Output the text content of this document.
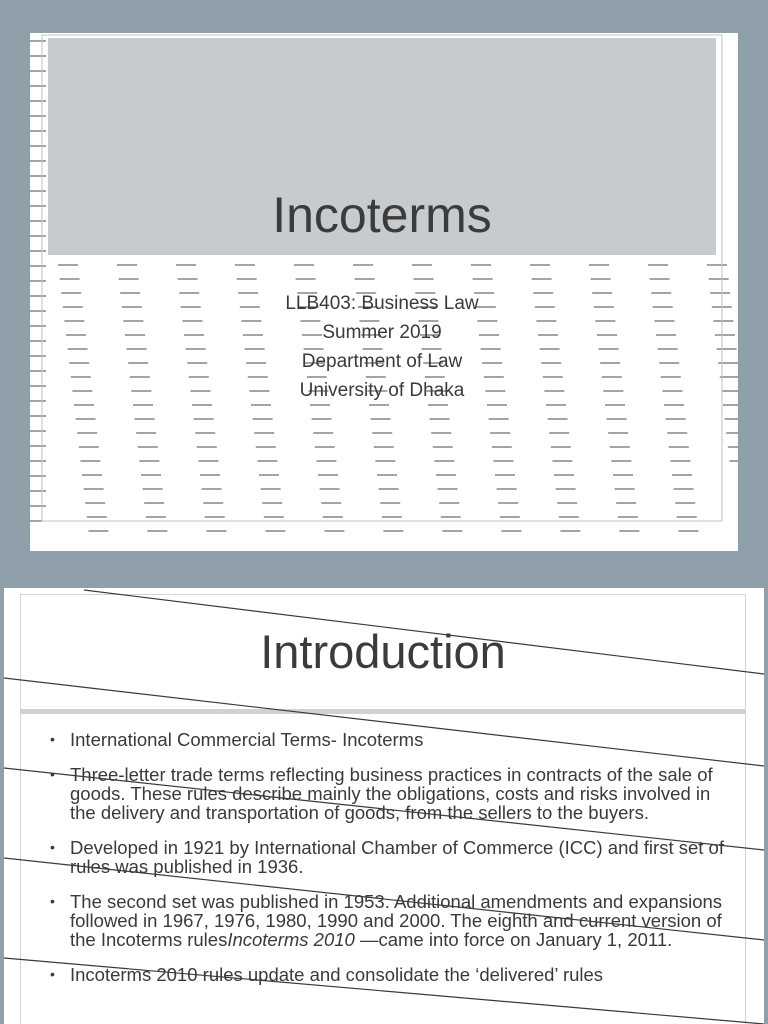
Incoterms
LLB403: Business Law
Summer 2019
Department of Law
University of Dhaka
Introduction
• International Commercial Terms- Incoterms
• Three-letter trade terms reflecting business practices in contracts of the sale of goods. These rules describe mainly the obligations, costs and risks involved in the delivery and transportation of goods, from the sellers to the buyers.
• Developed in 1921 by International Chamber of Commerce (ICC) and first set of rules was published in 1936.
• The second set was published in 1953. Additional amendments and expansions followed in 1967, 1976, 1980, 1990 and 2000. The eighth and current version of the Incoterms rulesIncoterms 2010 —came into force on January 1, 2011.
• Incoterms 2010 rules update and consolidate the ‘delivered’ rules
